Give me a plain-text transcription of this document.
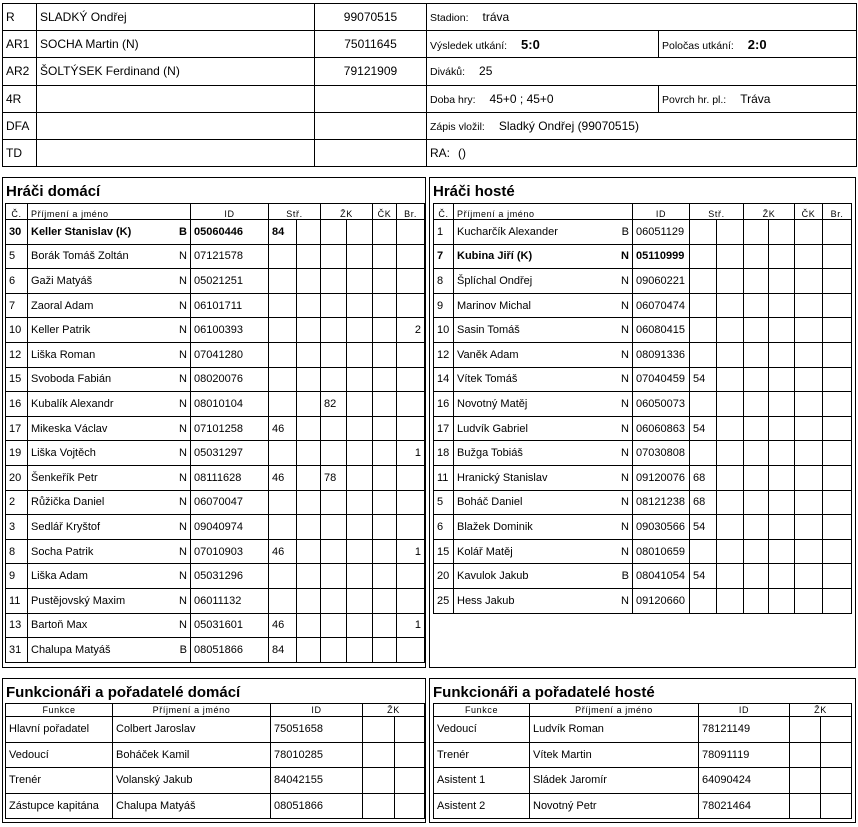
R	SLADKÝ Ondřej	99070515	Stadion: tráva	
AR1	SOCHA Martin (N)	75011645	Výsledek utkání: 5:0	Poločas utkání: 2:0
AR2	ŠOLTÝSEK Ferdinand (N)	79121909	Diváků: 25	
4R			Doba hry: 45+0 ; 45+0	Povrch hr. pl.: Tráva
DFA			Zápis vložil: Sladký Ondřej (99070515)	
TD			RA: ()	
Hráči domácí
Č.	Příjmení a jméno	ID	Stř.		ŽK		ČK	Br.
30	Keller Stanislav (K) B	05060446	84					
5	Borák Tomáš Zoltán N	07121578						
6	Gaži Matyáš N	05021251						
7	Zaoral Adam N	06101711						
10	Keller Patrik N	06100393						2
12	Liška Roman N	07041280						
15	Svoboda Fabián N	08020076						
16	Kubalík Alexandr N	08010104			82			
17	Mikeska Václav N	07101258	46					
19	Liška Vojtěch N	05031297						1
20	Šenkeřík Petr N	08111628	46		78			
2	Růžička Daniel N	06070047						
3	Sedlář Kryštof N	09040974						
8	Socha Patrik N	07010903	46					1
9	Liška Adam N	05031296						
11	Pustějovský Maxim N	06011132						
13	Bartoň Max N	05031601	46					1
31	Chalupa Matyáš B	08051866	84					
Hráči hosté
Č.	Příjmení a jméno	ID	Stř.		ŽK		ČK	Br.
1	Kucharčík Alexander B	06051129						
7	Kubina Jiří (K) N	05110999						
8	Šplíchal Ondřej N	09060221						
9	Marinov Michal N	06070474						
10	Sasin Tomáš N	06080415						
12	Vaněk Adam N	08091336						
14	Vítek Tomáš N	07040459	54					
16	Novotný Matěj N	06050073						
17	Ludvík Gabriel N	06060863	54					
18	Bužga Tobiáš N	07030808						
11	Hranický Stanislav N	09120076	68					
5	Boháč Daniel N	08121238	68					
6	Blažek Dominik N	09030566	54					
15	Kolář Matěj N	08010659						
20	Kavulok Jakub B	08041054	54					
25	Hess Jakub N	09120660						
Funkcionáři a pořadatelé domácí
Funkce	Příjmení a jméno	ID	ŽK	
Hlavní pořadatel	Colbert Jaroslav	75051658		
Vedoucí	Boháček Kamil	78010285		
Trenér	Volanský Jakub	84042155		
Zástupce kapitána	Chalupa Matyáš	08051866		
Funkcionáři a pořadatelé hosté
Funkce	Příjmení a jméno	ID	ŽK	
Vedoucí	Ludvík Roman	78121149		
Trenér	Vítek Martin	78091119		
Asistent 1	Sládek Jaromír	64090424		
Asistent 2	Novotný Petr	78021464		
